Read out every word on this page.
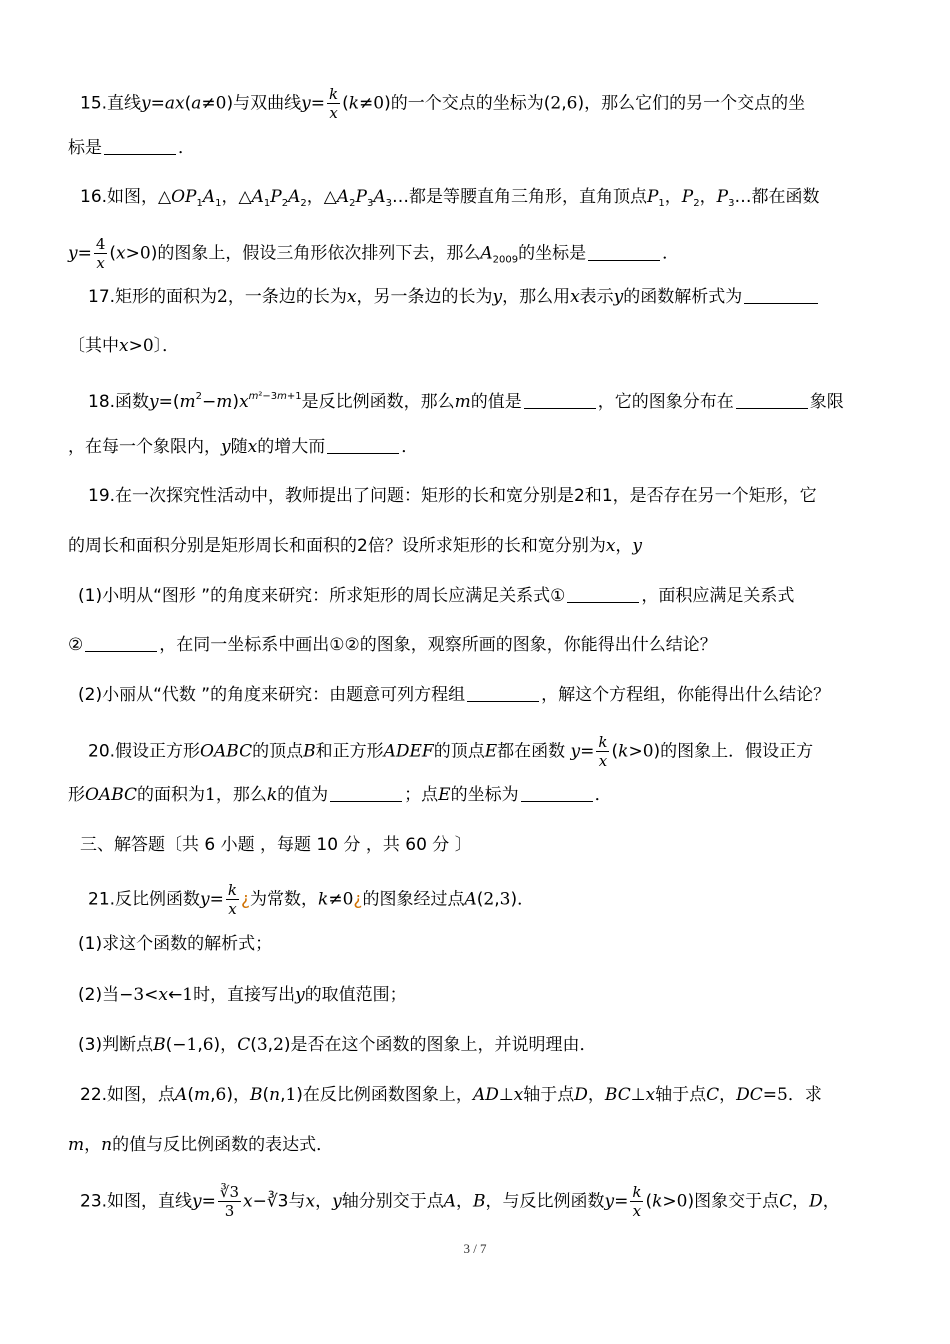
15.直线y=ax(a≠0)与双曲线$y= \frac{k}{x} (k\ne 0)$的一个交点的坐标为(2,6)，那么它们的另一个交点的坐
标是	．
16.如图，$\triangle OP_1A_1$，$\triangle A_1P_2A_2$，$\triangle A_2P_3A_3\dots$都是等腰直角三角形，直角顶点$P_1$，$P_2$，$P_3\dots$都在函数
$y= \frac{4}{x} (x>0)$的图象上，假设三角形依次排列下去，那么$A_{2009}$的坐标是	．
17.矩形的面积为2，一条边的长为x，另一条边的长为y，那么用x表示y的函数解析式为
〔其中x>0〕．
18.函数$y=(m^2-m)x^{m^2-3m+1}$是反比例函数，那么m的值是	，它的图象分布在	象限
，在每一个象限内，y随x的增大而	．
19.在一次探究性活动中，教师提出了问题：矩形的长和宽分别是2和1，是否存在另一个矩形，它
的周长和面积分别是矩形周长和面积的2倍？设所求矩形的长和宽分别为x，y
(1)小明从“图形 ”的角度来研究：所求矩形的周长应满足关系式①	，面积应满足关系式
②	，在同一坐标系中画出①②的图象，观察所画的图象，你能得出什么结论？
(2)小丽从“代数 ”的角度来研究：由题意可列方程组	，解这个方程组，你能得出什么结论？
20.假设正方形OABC的顶点B和正方形ADEF的顶点E都在函数 $y= \frac{k}{x} (k>0)$的图象上．假设正方
形OABC的面积为1，那么k的值为	；点E的坐标为	．
三、解答题〔共 6 小题 ，每题 10 分 ，共 60 分 〕
21.反比例函数$y= \frac{k}{x}$ ¿为常数，k≠0¿的图象经过点A(2,3)．
(1)求这个函数的解析式；
(2)当−3<x←1时，直接写出y的取值范围；
(3)判断点B(−1,6)，C(3,2)是否在这个函数的图象上，并说明理由．
22.如图，点A(m,6)，B(n,1)在反比例函数图象上，AD⊥x轴于点D，BC⊥x轴于点C，DC=5．求
m，n的值与反比例函数的表达式．
23.如图，直线$y= \frac{∛3}{3}$ x−∛3与x，y轴分别交于点A，B，与反比例函数$y= \frac{k}{x} (k>0)$图象交于点C，D，
3 / 7
